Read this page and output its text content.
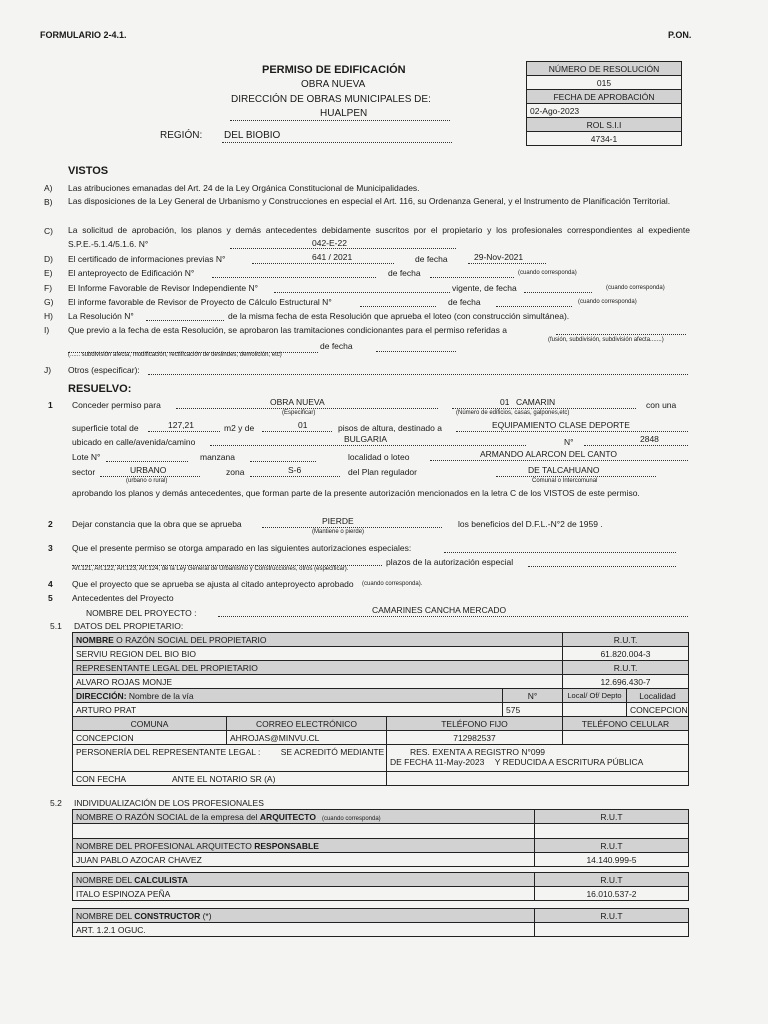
FORMULARIO 2-4.1.	P.ON.
PERMISO DE EDIFICACIÓN
OBRA NUEVA
DIRECCIÓN DE OBRAS MUNICIPALES DE:
HUALPEN
REGIÓN: DEL BIOBIO
NÚMERO DE RESOLUCIÓN
015
FECHA DE APROBACIÓN
02-Ago-2023
ROL S.I.I
4734-1
VISTOS
A) Las atribuciones emanadas del Art. 24 de la Ley Orgánica Constitucional de Municipalidades.
B) Las disposiciones de la Ley General de Urbanismo y Construcciones en especial el Art. 116, su Ordenanza General, y el Instrumento de Planificación Territorial.
C) La solicitud de aprobación, los planos y demás antecedentes debidamente suscritos por el propietario y los profesionales correspondientes al expediente S.P.E.-5.1.4/5.1.6. N°	042-E-22
D) El certificado de informaciones previas N°	641 / 2021	de fecha	29-Nov-2021
E) El anteproyecto de Edificación N°	de fecha	(cuando corresponda)
F) El Informe Favorable de Revisor Independiente N°	vigente, de fecha	(cuando corresponda)
G) El informe favorable de Revisor de Proyecto de Cálculo Estructural N°	de fecha	(cuando corresponda)
H) La Resolución N°	de la misma fecha de esta Resolución que aprueba el loteo (con construcción simultánea).
I) Que previo a la fecha de esta Resolución, se aprobaron las tramitaciones condicionantes para el permiso referidas a
(fusión, subdivisión, subdivisión afecta.......)
de fecha
(...... subdivisión afecta, modificación, rectificación de deslindes, demolición, etc)
J) Otros (especificar):
RESUELVO:
1 Conceder permiso para	OBRA NUEVA
(Especificar)
01 CAMARIN
(Número de edificios, casas, galpones,etc)
con una
superficie total de	127,21	m2 y de	01	pisos de altura, destinado a	EQUIPAMIENTO CLASE DEPORTE
ubicado en calle/avenida/camino	BULGARIA	N°	2848
Lote N°	manzana	localidad o loteo	ARMANDO ALARCON DEL CANTO
sector	URBANO
(urbano o rural)
zona	S-6	del Plan regulador	DE TALCAHUANO
Comunal o Intercomunal
aprobando los planos y demás antecedentes, que forman parte de la presente autorización mencionados en la letra C de los VISTOS de este permiso.
2 Dejar constancia que la obra que se aprueba	PIERDE
(Mantiene o pierde)
los beneficios del D.F.L.-N°2 de 1959 .
3 Que el presente permiso se otorga amparado en las siguientes autorizaciones especiales:
plazos de la autorización especial
Art.121, Art.122, Art.123, Art.124, de la Ley General de Urbanismo y Construcciones, otros (especificar).
4 Que el proyecto que se aprueba se ajusta al citado anteproyecto aprobado (cuando corresponda).
5 Antecedentes del Proyecto
NOMBRE DEL PROYECTO :	CAMARINES CANCHA MERCADO
5.1 DATOS DEL PROPIETARIO:
NOMBRE O RAZÓN SOCIAL DEL PROPIETARIO				R.U.T.	
SERVIU REGION DEL BIO BIO				61.820.004-3	
REPRESENTANTE LEGAL DEL PROPIETARIO				R.U.T.	
ALVARO ROJAS MONJE				12.696.430-7	
DIRECCIÓN: Nombre de la vía			N°	Local/ Of/ Depto	Localidad
ARTURO PRAT			575		CONCEPCION
COMUNA	CORREO ELECTRÓNICO	TELÉFONO FIJO		TELÉFONO CELULAR	
CONCEPCION	AHROJAS@MINVU.CL	712982537			
PERSONERÍA DEL REPRESENTANTE LEGAL : SE ACREDITÓ MEDIANTE		RES. EXENTA A REGISTRO N°099
DE FECHA 11-May-2023 Y REDUCIDA A ESCRITURA PÚBLICA			
CON FECHA ANTE EL NOTARIO SR (A)					
5.2 INDIVIDUALIZACIÓN DE LOS PROFESIONALES
NOMBRE O RAZÓN SOCIAL de la empresa del ARQUITECTO (cuando corresponda)	R.U.T

NOMBRE DEL PROFESIONAL ARQUITECTO RESPONSABLE	R.U.T
JUAN PABLO AZOCAR CHAVEZ	14.140.999-5
NOMBRE DEL CALCULISTA	R.U.T
ITALO ESPINOZA PEÑA	16.010.537-2
NOMBRE DEL CONSTRUCTOR (*)	R.U.T
ART. 1.2.1 OGUC.	
